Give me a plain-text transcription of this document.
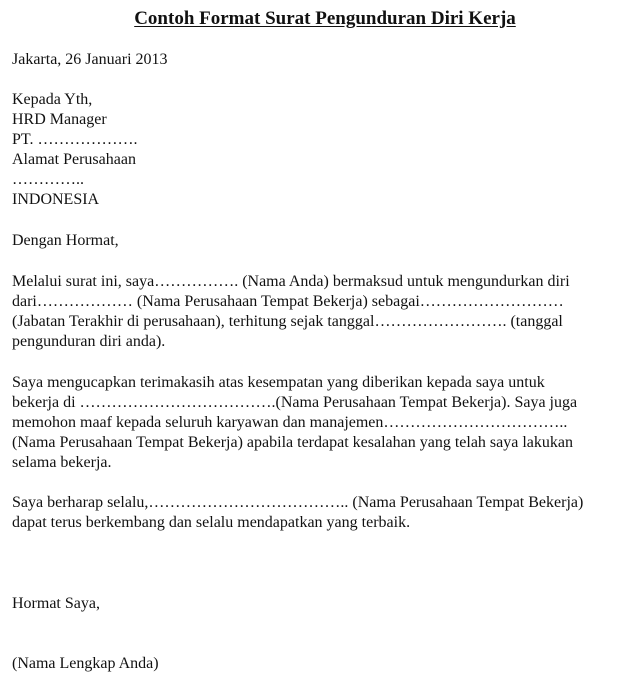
Contoh Format Surat Pengunduran Diri Kerja
Jakarta, 26 Januari 2013
Kepada Yth,
HRD Manager
PT. ……………….
Alamat Perusahaan
…………..
INDONESIA
Dengan Hormat,
Melalui surat ini, saya……………. (Nama Anda) bermaksud untuk mengundurkan diri
dari……………… (Nama Perusahaan Tempat Bekerja) sebagai………………………
(Jabatan Terakhir di perusahaan), terhitung sejak tanggal……………………. (tanggal
pengunduran diri anda).
Saya mengucapkan terimakasih atas kesempatan yang diberikan kepada saya untuk
bekerja di ……………………………….(Nama Perusahaan Tempat Bekerja). Saya juga
memohon maaf kepada seluruh karyawan dan manajemen……………………………..
(Nama Perusahaan Tempat Bekerja) apabila terdapat kesalahan yang telah saya lakukan
selama bekerja.
Saya berharap selalu,……………………………….. (Nama Perusahaan Tempat Bekerja)
dapat terus berkembang dan selalu mendapatkan yang terbaik.
Hormat Saya,
(Nama Lengkap Anda)
